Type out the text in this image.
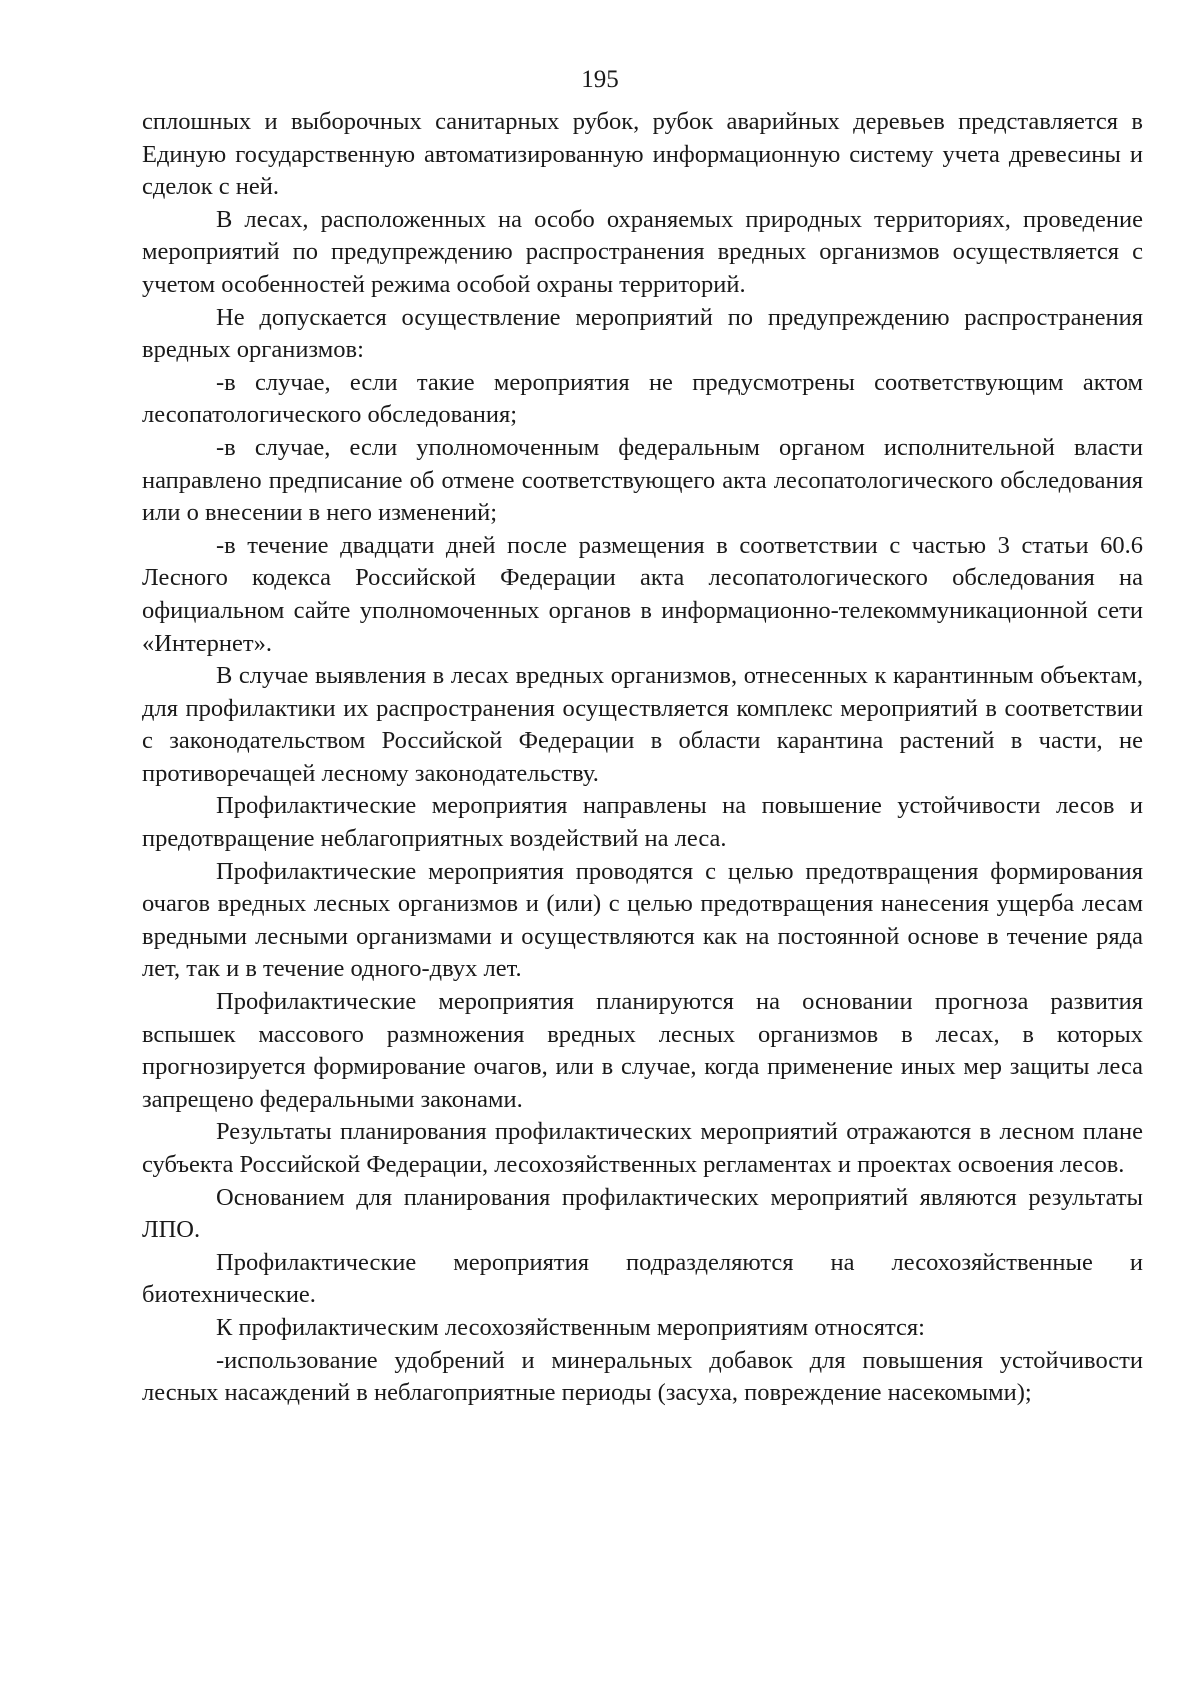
195

сплошных и выборочных санитарных рубок, рубок аварийных деревьев представляется в Единую государственную автоматизированную информационную систему учета древесины и сделок с ней.

В лесах, расположенных на особо охраняемых природных территориях, проведение мероприятий по предупреждению распространения вредных организмов осуществляется с учетом особенностей режима особой охраны территорий.

Не допускается осуществление мероприятий по предупреждению распространения вредных организмов:

-в случае, если такие мероприятия не предусмотрены соответствующим актом лесопатологического обследования;

-в случае, если уполномоченным федеральным органом исполнительной власти направлено предписание об отмене соответствующего акта лесопатологического обследования или о внесении в него изменений;

-в течение двадцати дней после размещения в соответствии с частью 3 статьи 60.6 Лесного кодекса Российской Федерации акта лесопатологического обследования на официальном сайте уполномоченных органов в информационно-телекоммуникационной сети «Интернет».

В случае выявления в лесах вредных организмов, отнесенных к карантинным объектам, для профилактики их распространения осуществляется комплекс мероприятий в соответствии с законодательством Российской Федерации в области карантина растений в части, не противоречащей лесному законодательству.

Профилактические мероприятия направлены на повышение устойчивости лесов и предотвращение неблагоприятных воздействий на леса.

Профилактические мероприятия проводятся с целью предотвращения формирования очагов вредных лесных организмов и (или) с целью предотвращения нанесения ущерба лесам вредными лесными организмами и осуществляются как на постоянной основе в течение ряда лет, так и в течение одного-двух лет.

Профилактические мероприятия планируются на основании прогноза развития вспышек массового размножения вредных лесных организмов в лесах, в которых прогнозируется формирование очагов, или в случае, когда применение иных мер защиты леса запрещено федеральными законами.

Результаты планирования профилактических мероприятий отражаются в лесном плане субъекта Российской Федерации, лесохозяйственных регламентах и проектах освоения лесов.

Основанием для планирования профилактических мероприятий являются результаты ЛПО.

Профилактические мероприятия подразделяются на лесохозяйственные и биотехнические.

К профилактическим лесохозяйственным мероприятиям относятся:

-использование удобрений и минеральных добавок для повышения устойчивости лесных насаждений в неблагоприятные периоды (засуха, повреждение насекомыми);
